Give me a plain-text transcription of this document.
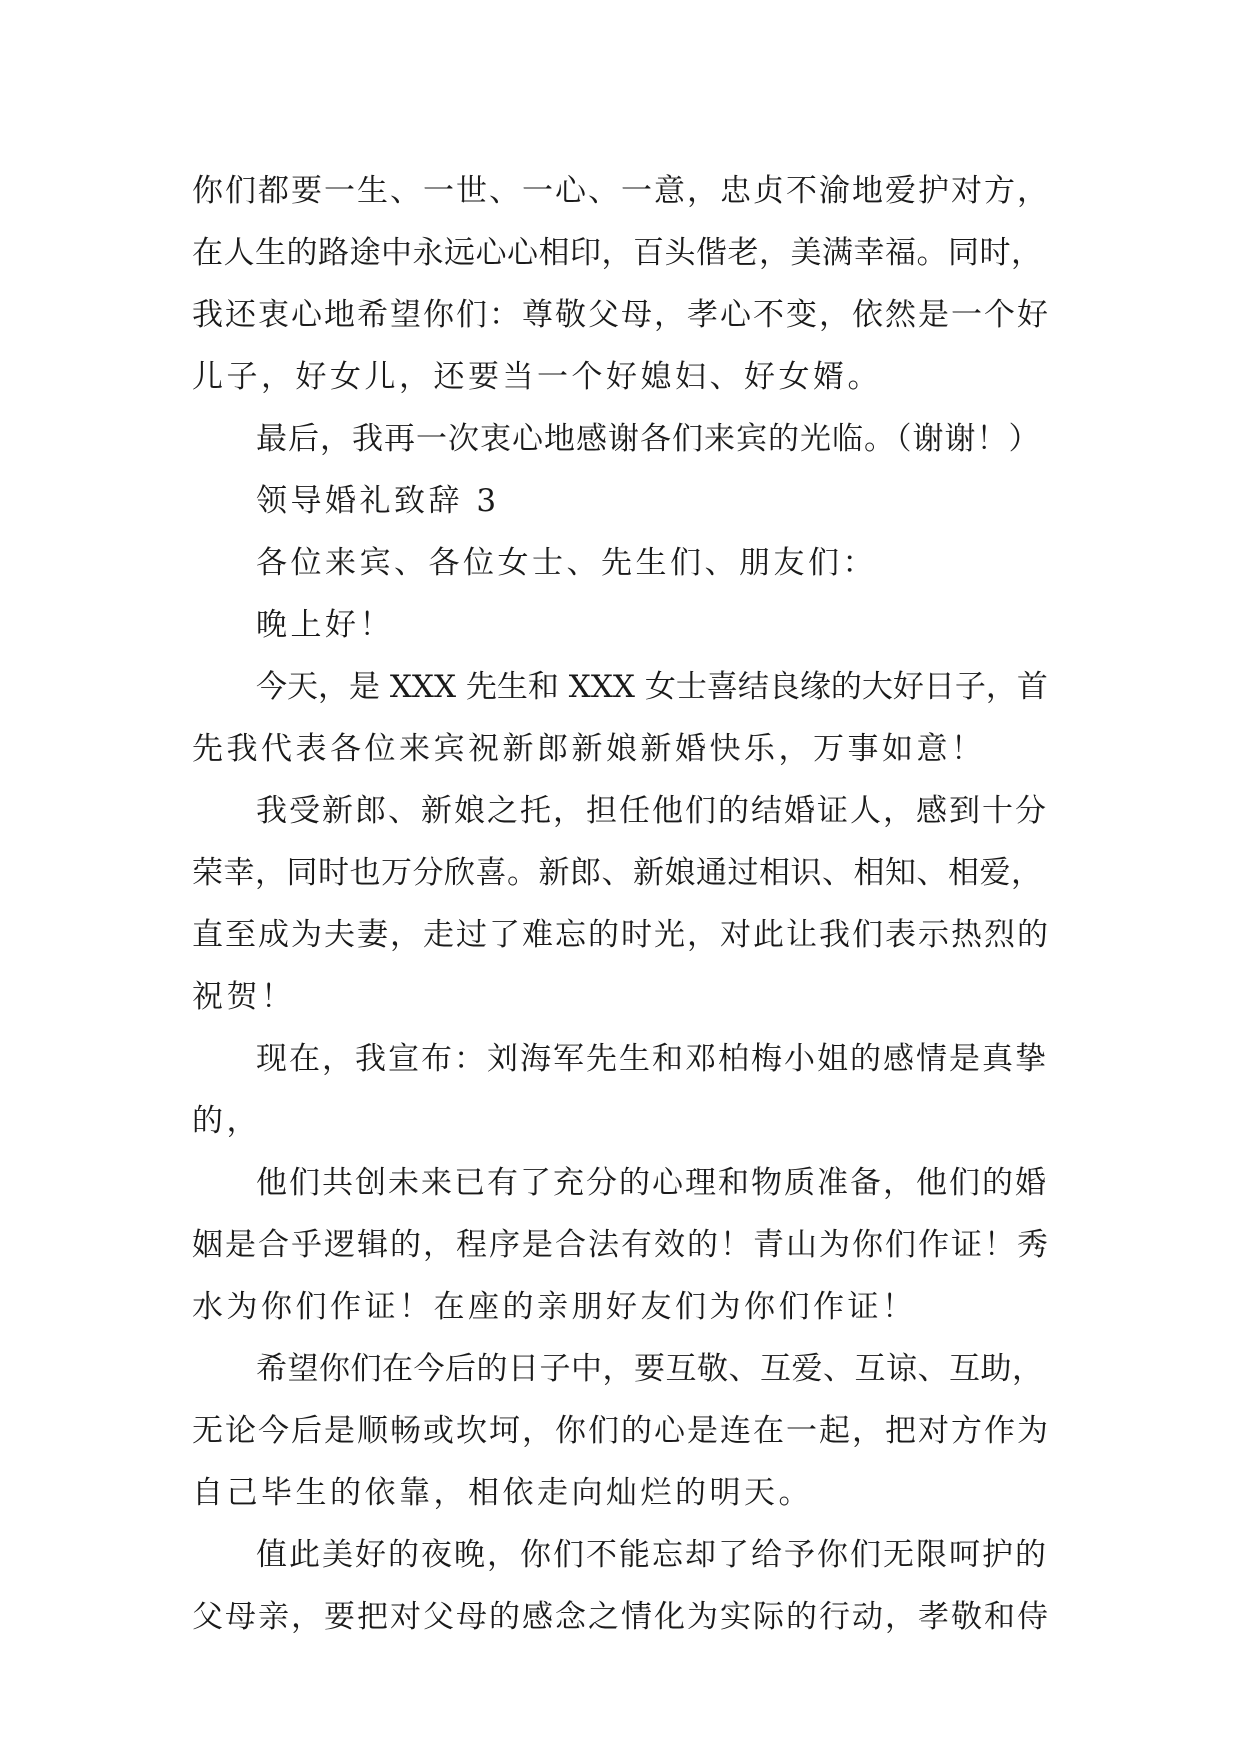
你们都要一生、一世、一心、一意，忠贞不渝地爱护对方，
在人生的路途中永远心心相印，百头偕老，美满幸福。同时，
我还衷心地希望你们：尊敬父母，孝心不变，依然是一个好
儿子，好女儿，还要当一个好媳妇、好女婿。
最后，我再一次衷心地感谢各们来宾的光临。（谢谢！）
领导婚礼致辞 3
各位来宾、各位女士、先生们、朋友们：
晚上好！
今天，是 XXX 先生和 XXX 女士喜结良缘的大好日子，首
先我代表各位来宾祝新郎新娘新婚快乐，万事如意！
我受新郎、新娘之托，担任他们的结婚证人，感到十分
荣幸，同时也万分欣喜。新郎、新娘通过相识、相知、相爱，
直至成为夫妻，走过了难忘的时光，对此让我们表示热烈的
祝贺！
现在，我宣布：刘海军先生和邓柏梅小姐的感情是真挚
的，
他们共创未来已有了充分的心理和物质准备，他们的婚
姻是合乎逻辑的，程序是合法有效的！青山为你们作证！秀
水为你们作证！在座的亲朋好友们为你们作证！
希望你们在今后的日子中，要互敬、互爱、互谅、互助，
无论今后是顺畅或坎坷，你们的心是连在一起，把对方作为
自己毕生的依靠，相依走向灿烂的明天。
值此美好的夜晚，你们不能忘却了给予你们无限呵护的
父母亲，要把对父母的感念之情化为实际的行动，孝敬和侍
